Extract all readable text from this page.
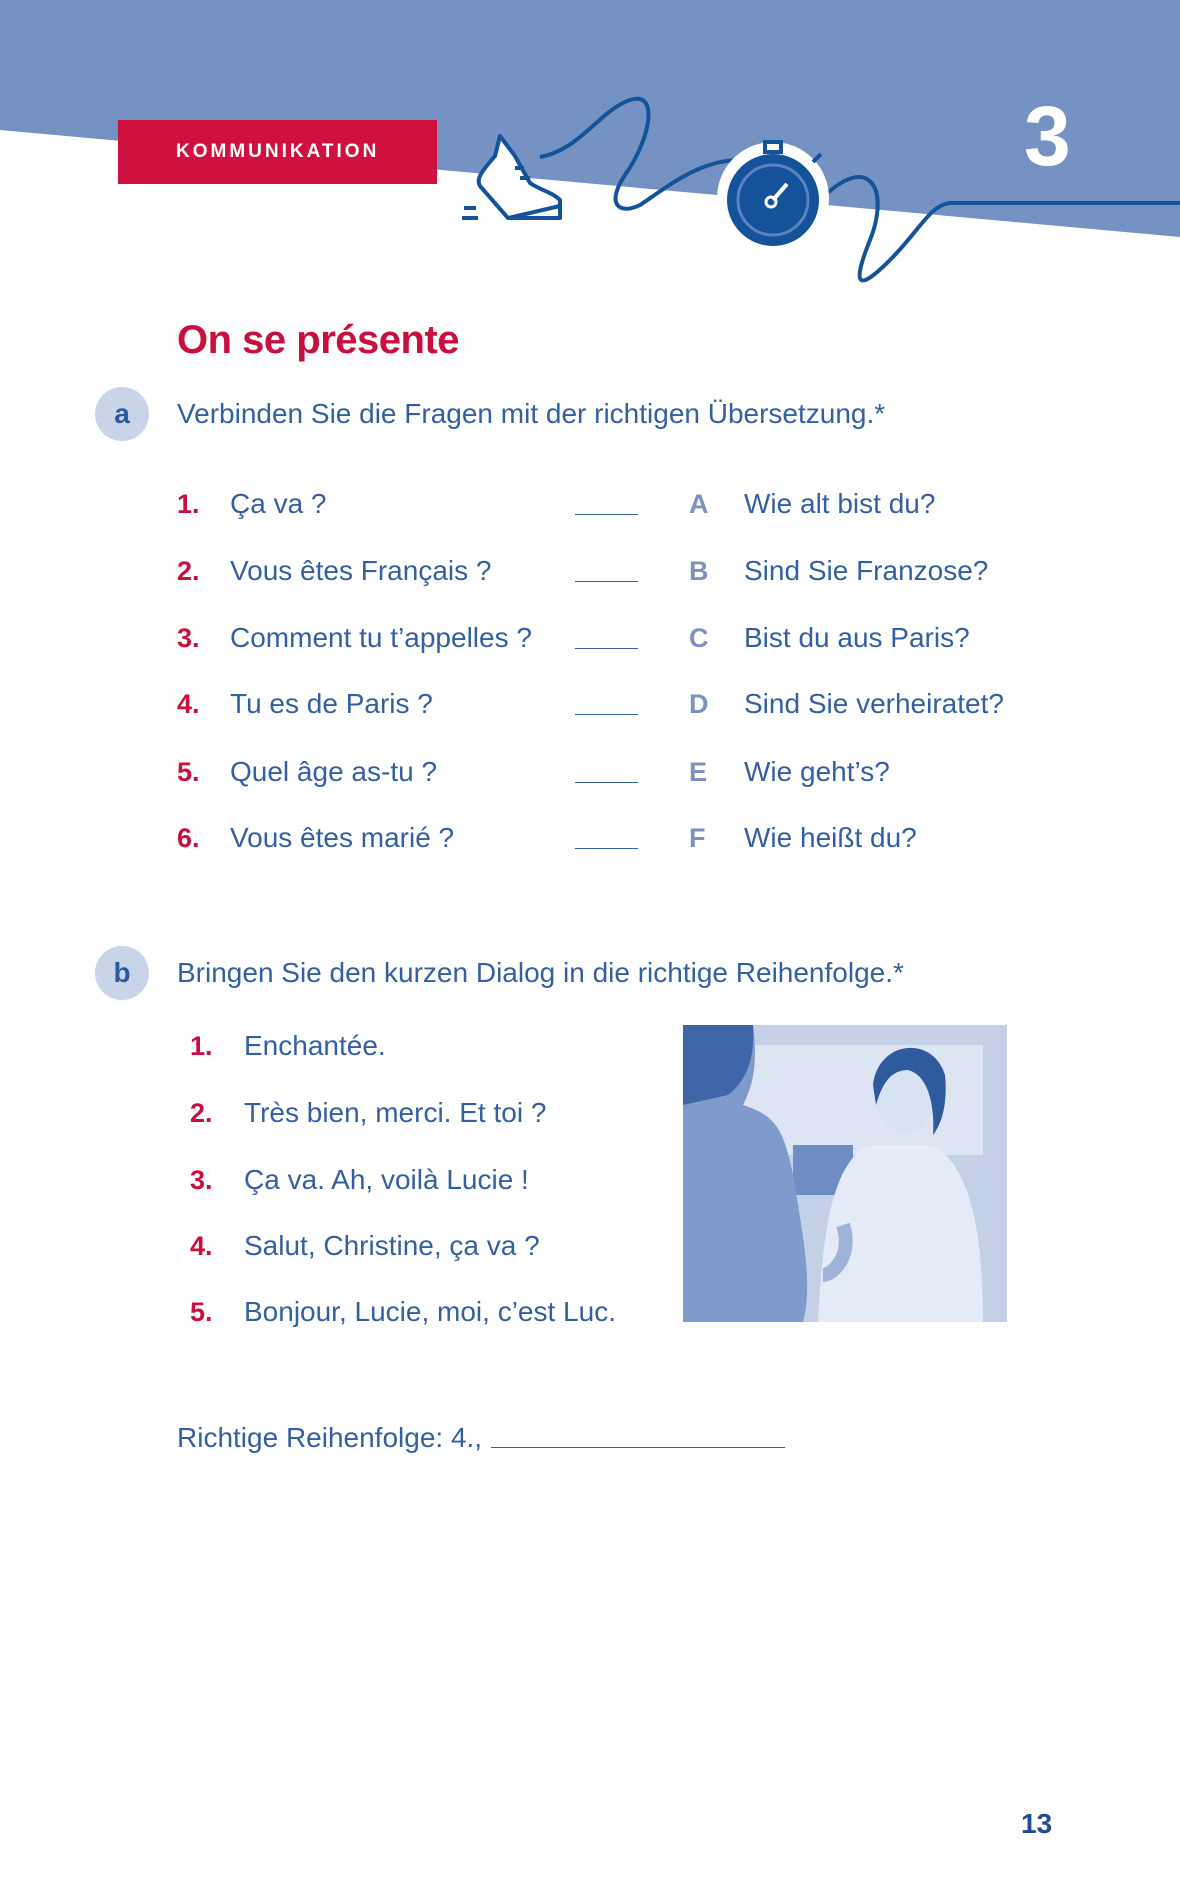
KOMMUNIKATION	3
On se présente
a	Verbinden Sie die Fragen mit der richtigen Übersetzung.*
1. Ça va ?	A Wie alt bist du?
2. Vous êtes Français ?	B Sind Sie Franzose?
3. Comment tu t’appelles ?	C Bist du aus Paris?
4. Tu es de Paris ?	D Sind Sie verheiratet?
5. Quel âge as-tu ?	E Wie geht’s?
6. Vous êtes marié ?	F Wie heißt du?
b	Bringen Sie den kurzen Dialog in die richtige Reihenfolge.*
1. Enchantée.
2. Très bien, merci. Et toi ?
3. Ça va. Ah, voilà Lucie !
4. Salut, Christine, ça va ?
5. Bonjour, Lucie, moi, c’est Luc.
Richtige Reihenfolge: 4.,
13
